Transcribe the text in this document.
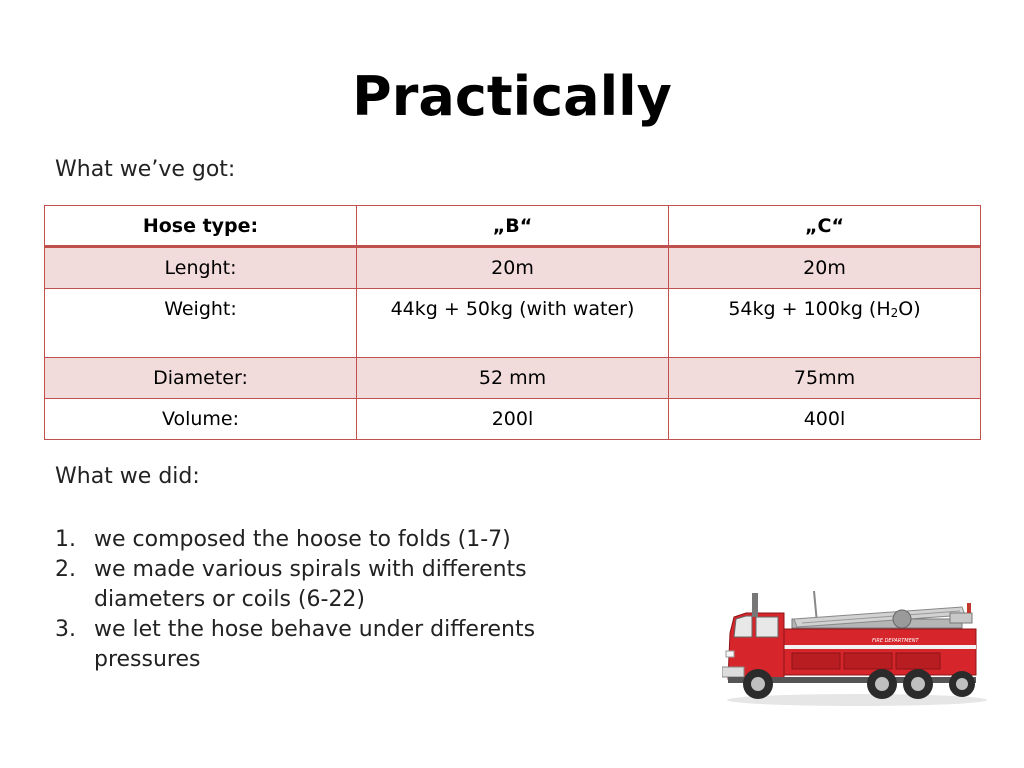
Practically
What we’ve got:
Hose type:	„B“	„C“
Lenght:	20m	20m
Weight:	44kg + 50kg (with water)	54kg + 100kg $(H_2O)$
Diameter:	52 mm	75mm
Volume:	200l	400l
What we did:
1. we composed the hoose to folds (1-7)
2. we made various spirals with differents diameters or coils (6-22)
3. we let the hose behave under differents pressures
FIRE DEPARTMENT
